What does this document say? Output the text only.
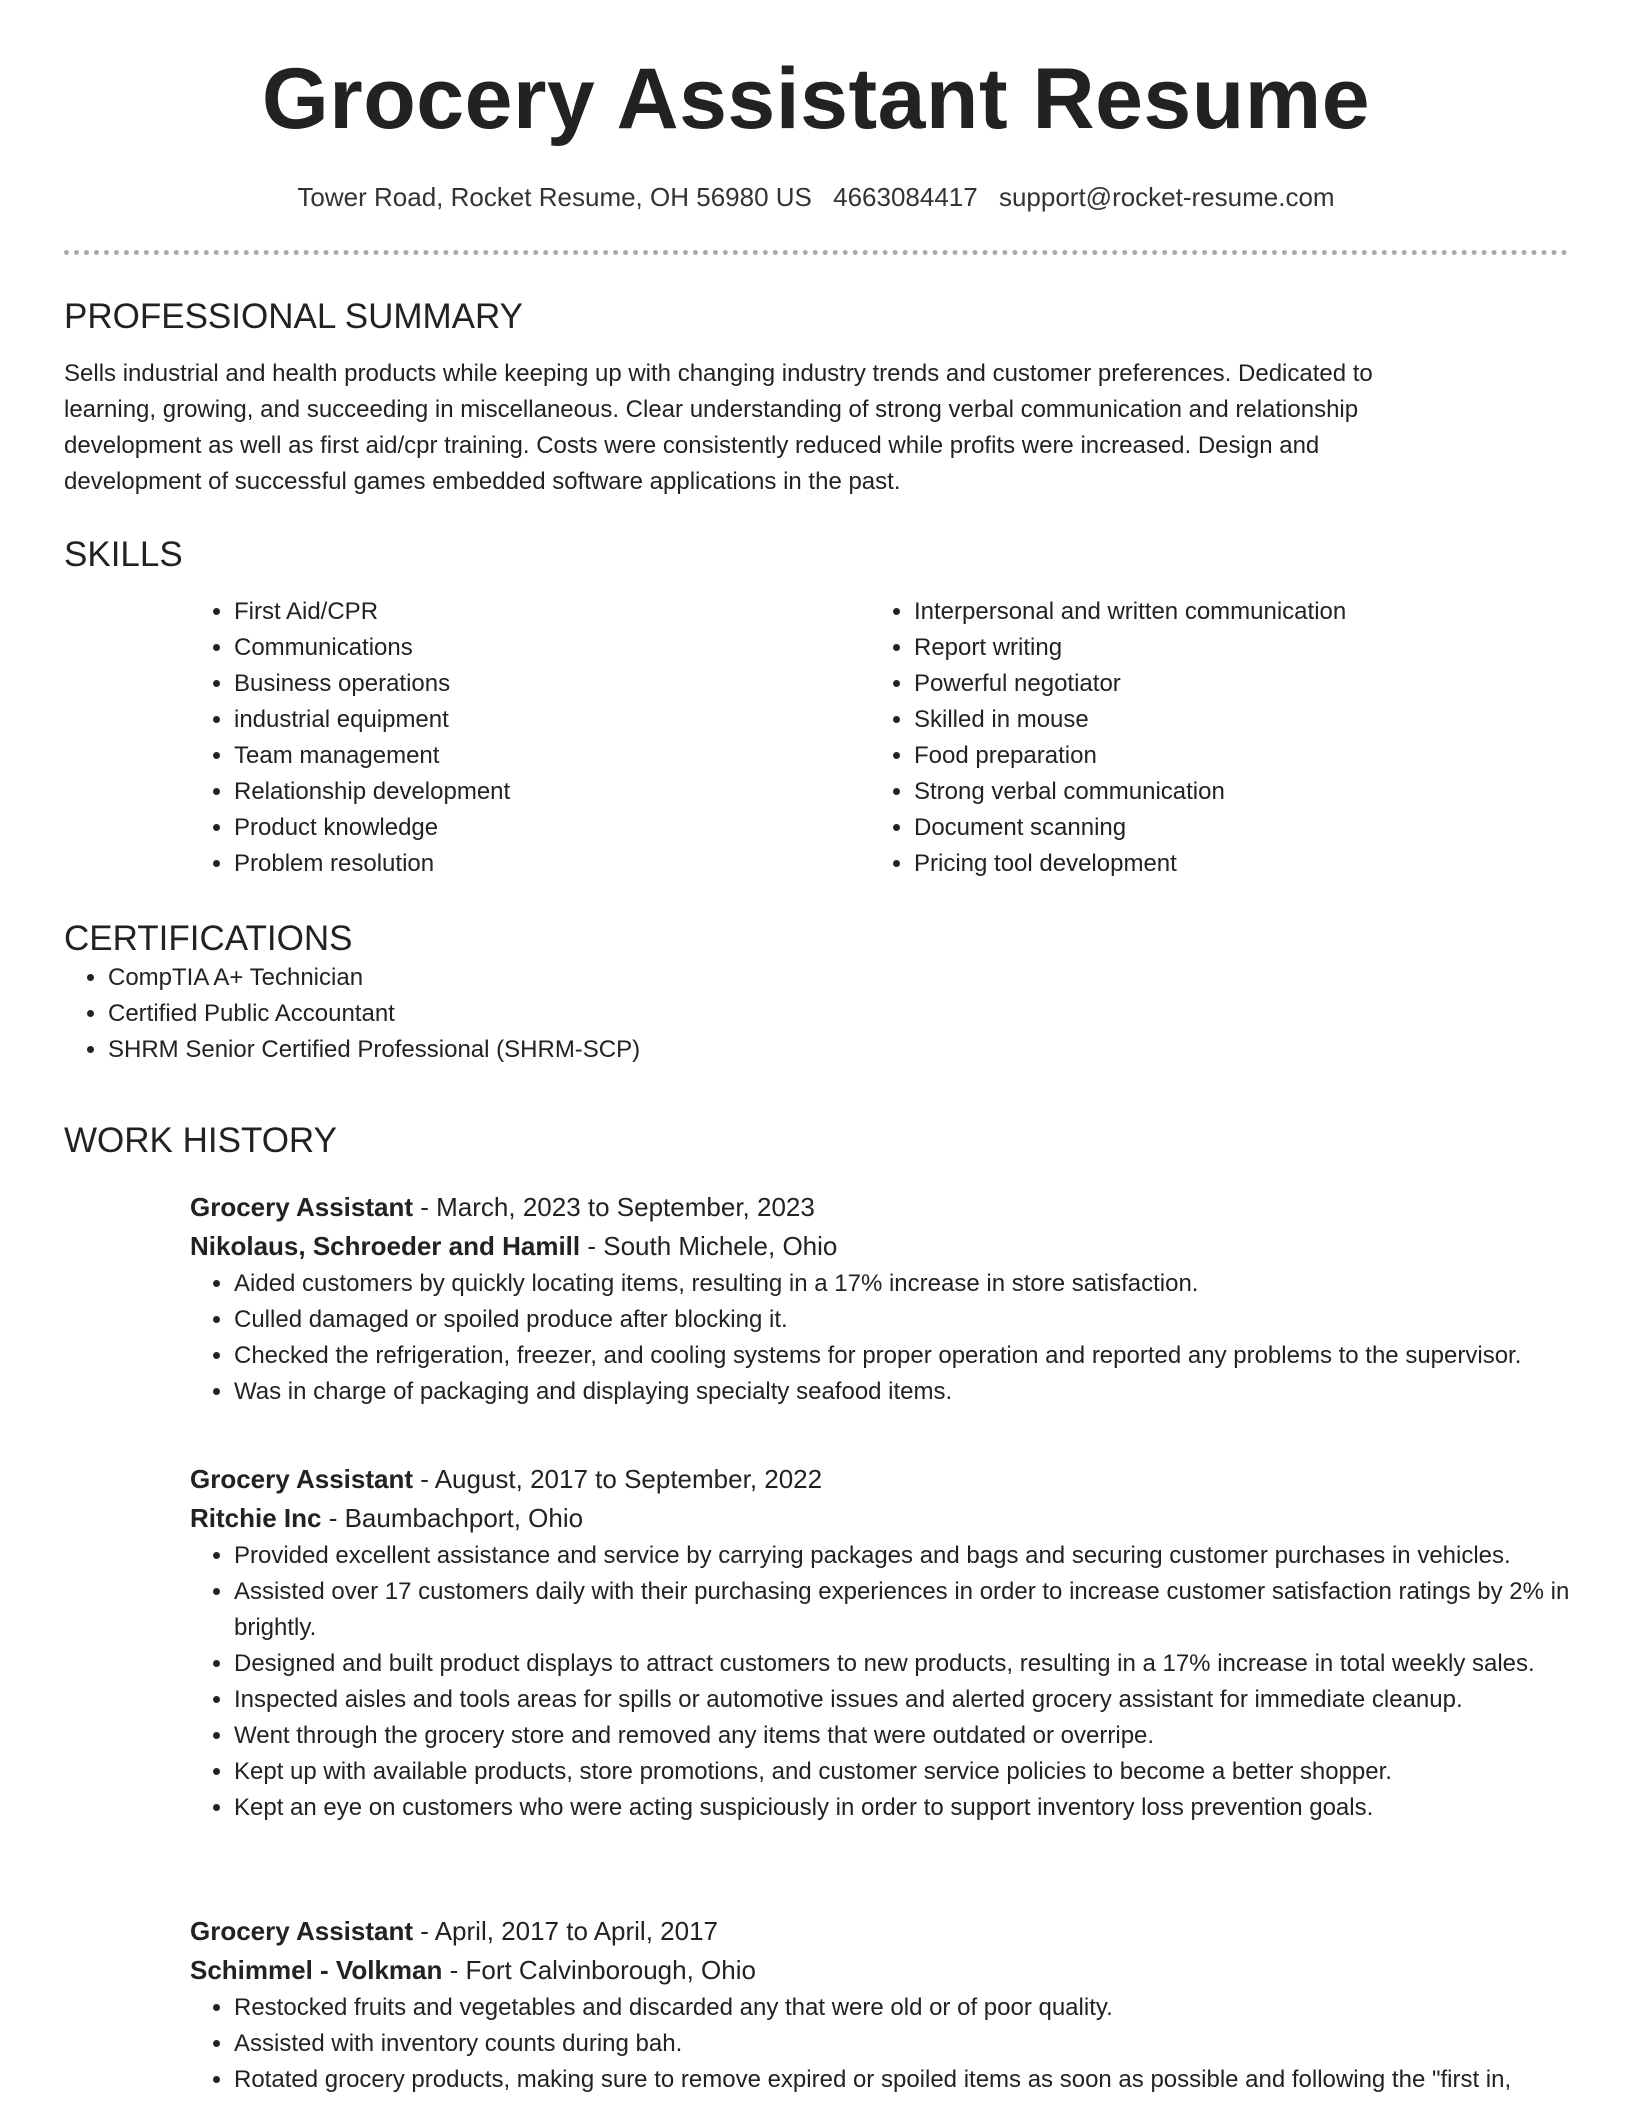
Grocery Assistant Resume
Tower Road, Rocket Resume, OH 56980 US 4663084417 support@rocket-resume.com
PROFESSIONAL SUMMARY

Sells industrial and health products while keeping up with changing industry trends and customer preferences. Dedicated to learning, growing, and succeeding in miscellaneous. Clear understanding of strong verbal communication and relationship development as well as first aid/cpr training. Costs were consistently reduced while profits were increased. Design and development of successful games embedded software applications in the past.

SKILLS
• First Aid/CPR
• Communications
• Business operations
• industrial equipment
• Team management
• Relationship development
• Product knowledge
• Problem resolution
• Interpersonal and written communication
• Report writing
• Powerful negotiator
• Skilled in mouse
• Food preparation
• Strong verbal communication
• Document scanning
• Pricing tool development
CERTIFICATIONS
• CompTIA A+ Technician
• Certified Public Accountant
• SHRM Senior Certified Professional (SHRM-SCP)
WORK HISTORY
Grocery Assistant - March, 2023 to September, 2023
Nikolaus, Schroeder and Hamill - South Michele, Ohio
• Aided customers by quickly locating items, resulting in a 17% increase in store satisfaction.
• Culled damaged or spoiled produce after blocking it.
• Checked the refrigeration, freezer, and cooling systems for proper operation and reported any problems to the supervisor.
• Was in charge of packaging and displaying specialty seafood items.
Grocery Assistant - August, 2017 to September, 2022
Ritchie Inc - Baumbachport, Ohio
• Provided excellent assistance and service by carrying packages and bags and securing customer purchases in vehicles.
• Assisted over 17 customers daily with their purchasing experiences in order to increase customer satisfaction ratings by 2% in brightly.
• Designed and built product displays to attract customers to new products, resulting in a 17% increase in total weekly sales.
• Inspected aisles and tools areas for spills or automotive issues and alerted grocery assistant for immediate cleanup.
• Went through the grocery store and removed any items that were outdated or overripe.
• Kept up with available products, store promotions, and customer service policies to become a better shopper.
• Kept an eye on customers who were acting suspiciously in order to support inventory loss prevention goals.
Grocery Assistant - April, 2017 to April, 2017
Schimmel - Volkman - Fort Calvinborough, Ohio
• Restocked fruits and vegetables and discarded any that were old or of poor quality.
• Assisted with inventory counts during bah.
• Rotated grocery products, making sure to remove expired or spoiled items as soon as possible and following the "first in,
